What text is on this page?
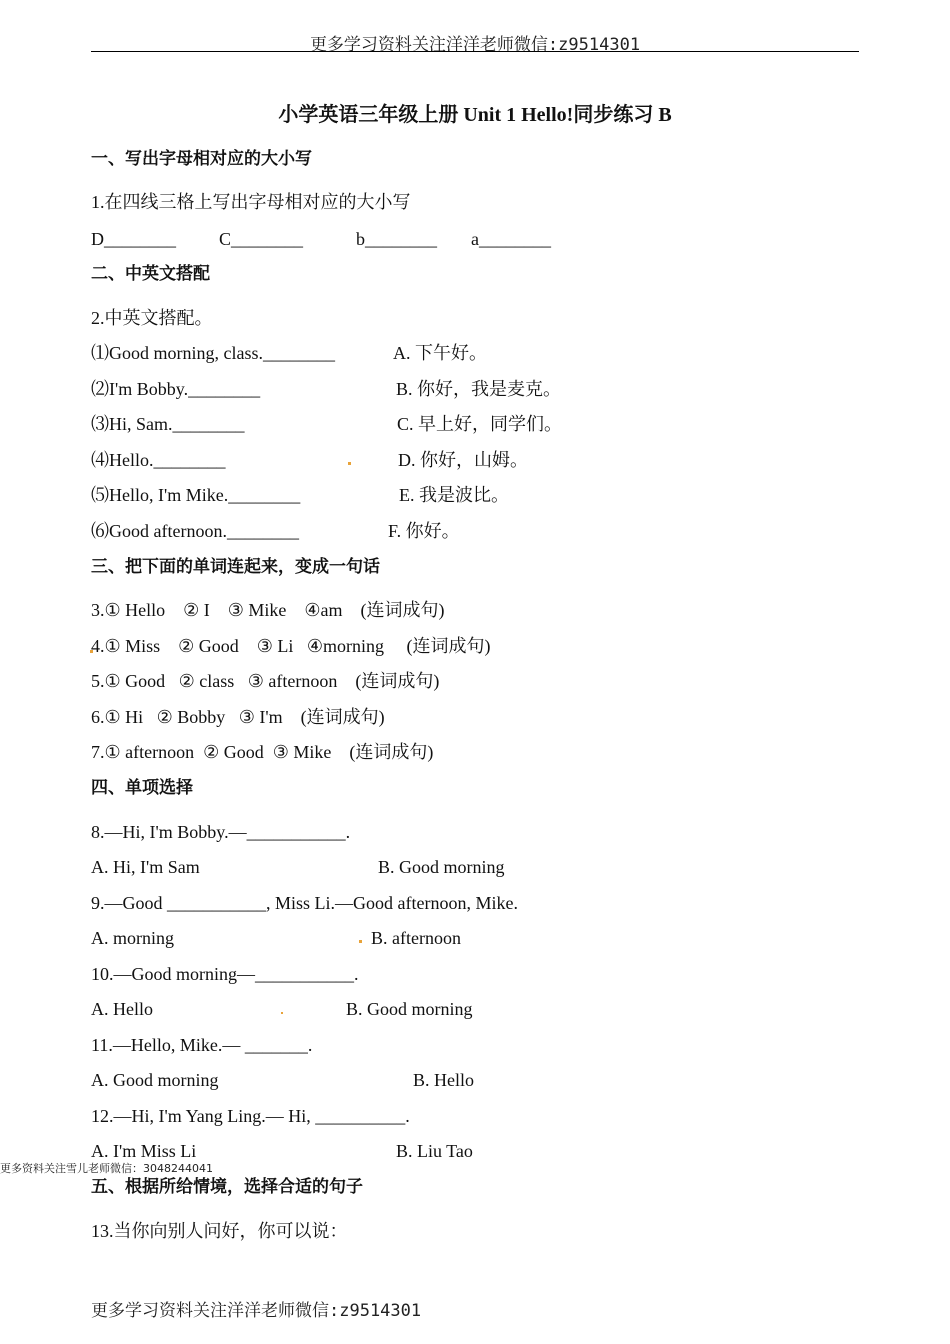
更多学习资料关注洋洋老师微信:z9514301
小学英语三年级上册 Unit 1 Hello!同步练习 B
一、写出字母相对应的大小写
1.在四线三格上写出字母相对应的大小写
D________ C________	b________ a________
二、中英文搭配
2.中英文搭配。
⑴Good morning, class.________	A. 下午好。
⑵I'm Bobby.________	B. 你好，我是麦克。
⑶Hi, Sam.________	C. 早上好，同学们。
⑷Hello.________	D. 你好，山姆。
⑸Hello, I'm Mike.________	E. 我是波比。
⑹Good afternoon.________	F. 你好。
三、把下面的单词连起来，变成一句话
3.① Hello    ② I    ③ Mike    ④am    (连词成句)
4.① Miss    ② Good    ③ Li   ④morning     (连词成句)
5.① Good   ② class   ③ afternoon    (连词成句)
6.① Hi   ② Bobby   ③ I'm    (连词成句)
7.① afternoon  ② Good  ③ Mike    (连词成句)
四、单项选择
8.—Hi, I'm Bobby.—___________.
A. Hi, I'm Sam	B. Good morning
9.—Good ___________, Miss Li.—Good afternoon, Mike.
A. morning	B. afternoon
10.—Good morning—___________.
A. Hello	B. Good morning
11.—Hello, Mike.— _______.
A. Good morning	B. Hello
12.—Hi, I'm Yang Ling.— Hi, __________.
A. I'm Miss Li	B. Liu Tao
更多资料关注雪儿老师微信：3048244041
五、根据所给情境，选择合适的句子
13.当你向别人问好，你可以说：
更多学习资料关注洋洋老师微信:z9514301
